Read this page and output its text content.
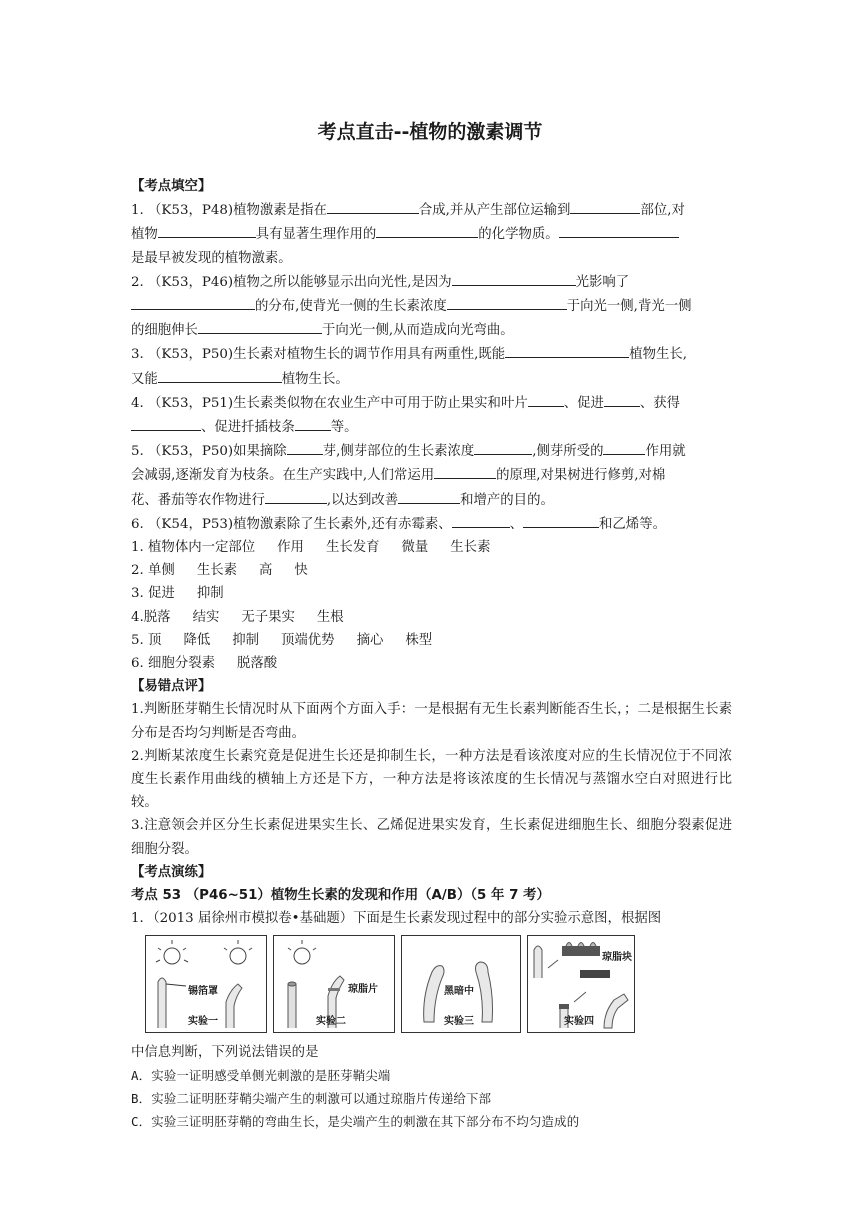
考点直击--植物的激素调节

【考点填空】

1. （K53，P48)植物激素是指在	合成,并从产生部位运输到	部位,对

植物	具有显著生理作用的	的化学物质。

是最早被发现的植物激素。

2. （K53，P46)植物之所以能够显示出向光性,是因为	光影响了

的分布,使背光一侧的生长素浓度	于向光一侧,背光一侧

的细胞伸长	于向光一侧,从而造成向光弯曲。

3. （K53，P50)生长素对植物生长的调节作用具有两重性,既能	植物生长,

又能	植物生长。

4. （K53，P51)生长素类似物在农业生产中可用于防止果实和叶片	、促进	、获得

、促进扦插枝条	等。

5. （K53，P50)如果摘除	芽,侧芽部位的生长素浓度	,侧芽所受的	作用就

会减弱,逐渐发育为枝条。在生产实践中,人们常运用	的原理,对果树进行修剪,对棉

花、番茄等农作物进行	,以达到改善	和增产的目的。

6. （K54，P53)植物激素除了生长素外,还有赤霉素、	、	和乙烯等。

1. 植物体内一定部位 作用 生长发育 微量 生长素

2. 单侧 生长素 高 快

3. 促进 抑制

4.脱落 结实 无子果实 生根

5. 顶 降低 抑制 顶端优势 摘心 株型

6. 细胞分裂素 脱落酸

【易错点评】

1.判断胚芽鞘生长情况时从下面两个方面入手：一是根据有无生长素判断能否生长，；二是根据生长素分布是否均匀判断是否弯曲。

2.判断某浓度生长素究竟是促进生长还是抑制生长，一种方法是看该浓度对应的生长情况位于不同浓度生长素作用曲线的横轴上方还是下方，一种方法是将该浓度的生长情况与蒸馏水空白对照进行比较。

3.注意领会并区分生长素促进果实生长、乙烯促进果实发育，生长素促进细胞生长、细胞分裂素促进细胞分裂。

【考点演练】

考点 53 （P46~51）植物生长素的发现和作用（A/B）（5 年 7 考）

1．（2013 届徐州市模拟卷•基础题）下面是生长素发现过程中的部分实验示意图，根据图

锡箔罩
实验一
琼脂片
实验二
黑暗中
实验三
琼脂块
实验四

中信息判断，下列说法错误的是

A．实验一证明感受单侧光刺激的是胚芽鞘尖端

B．实验二证明胚芽鞘尖端产生的刺激可以通过琼脂片传递给下部

C．实验三证明胚芽鞘的弯曲生长，是尖端产生的刺激在其下部分布不均匀造成的
